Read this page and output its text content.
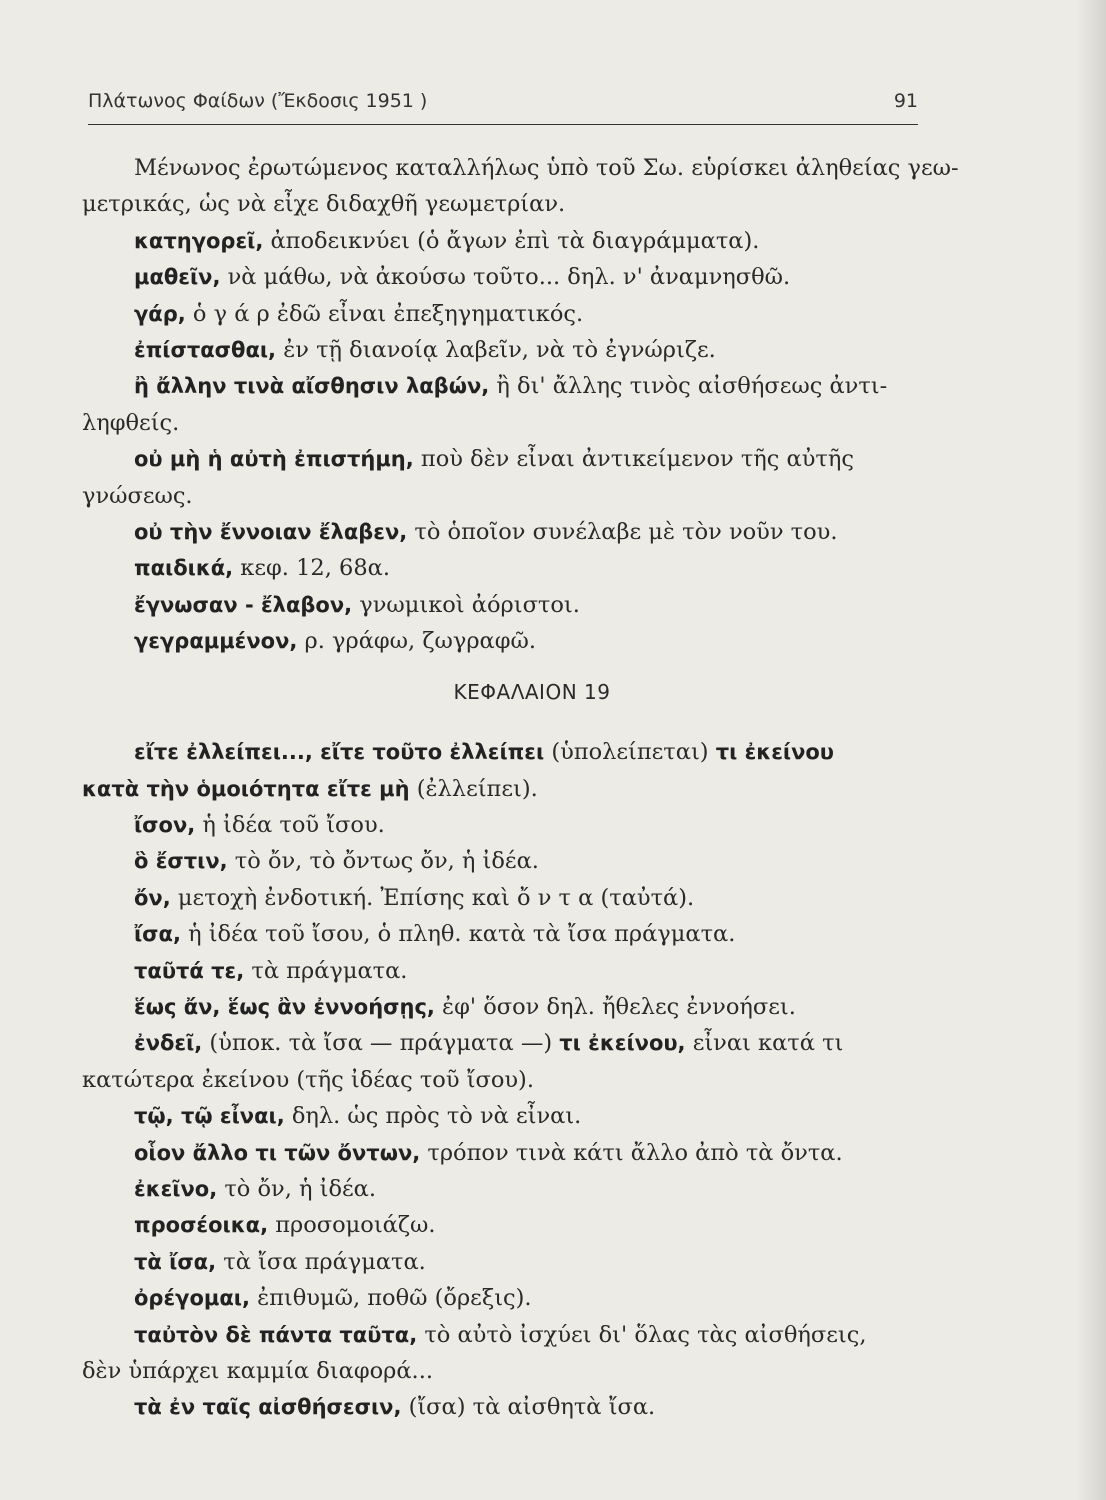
Πλάτωνος Φαίδων (Ἔκδοσις 1951 )	91
Μένωνος ἐρωτώμενος καταλλήλως ὑπὸ τοῦ Σω. εὑρίσκει ἀληθείας γεω-
μετρικάς, ὡς νὰ εἶχε διδαχθῆ γεωμετρίαν.
κατηγορεῖ, ἀποδεικνύει (ὁ ἄγων ἐπὶ τὰ διαγράμματα).
μαθεῖν, νὰ μάθω, νὰ ἀκούσω τοῦτο... δηλ. ν' ἀναμνησθῶ.
γάρ, ὁ γ ά ρ ἐδῶ εἶναι ἐπεξηγηματικός.
ἐπίστασθαι, ἐν τῇ διανοίᾳ λαβεῖν, νὰ τὸ ἐγνώριζε.
ἢ ἄλλην τινὰ αἴσθησιν λαβών, ἢ δι' ἄλλης τινὸς αἰσθήσεως ἀντι-
ληφθείς.
οὐ μὴ ἡ αὐτὴ ἐπιστήμη, ποὺ δὲν εἶναι ἀντικείμενον τῆς αὐτῆς
γνώσεως.
οὐ τὴν ἔννοιαν ἔλαβεν, τὸ ὁποῖον συνέλαβε μὲ τὸν νοῦν του.
παιδικά, κεφ. 12, 68α.
ἔγνωσαν - ἔλαβον, γνωμικοὶ ἀόριστοι.
γεγραμμένον, ρ. γράφω, ζωγραφῶ.
ΚΕΦΑΛΑΙΟΝ 19
εἴτε ἐλλείπει..., εἴτε τοῦτο ἐλλείπει (ὑπολείπεται) τι ἐκείνου
κατὰ τὴν ὁμοιότητα εἴτε μὴ (ἐλλείπει).
ἴσον, ἡ ἰδέα τοῦ ἴσου.
ὃ ἔστιν, τὸ ὄν, τὸ ὄντως ὄν, ἡ ἰδέα.
ὄν, μετοχὴ ἐνδοτική. Ἐπίσης καὶ ὄ ν τ α (ταὐτά).
ἴσα, ἡ ἰδέα τοῦ ἴσου, ὁ πληθ. κατὰ τὰ ἴσα πράγματα.
ταῦτά τε, τὰ πράγματα.
ἕως ἄν, ἕως ἂν ἐννοήσῃς, ἐφ' ὅσον δηλ. ἤθελες ἐννοήσει.
ἐνδεῖ, (ὑποκ. τὰ ἴσα — πράγματα —) τι ἐκείνου, εἶναι κατά τι
κατώτερα ἐκείνου (τῆς ἰδέας τοῦ ἴσου).
τῷ, τῷ εἶναι, δηλ. ὡς πρὸς τὸ νὰ εἶναι.
οἷον ἄλλο τι τῶν ὄντων, τρόπον τινὰ κάτι ἄλλο ἀπὸ τὰ ὄντα.
ἐκεῖνο, τὸ ὄν, ἡ ἰδέα.
προσέοικα, προσομοιάζω.
τὰ ἴσα, τὰ ἴσα πράγματα.
ὀρέγομαι, ἐπιθυμῶ, ποθῶ (ὄρεξις).
ταὐτὸν δὲ πάντα ταῦτα, τὸ αὐτὸ ἰσχύει δι' ὅλας τὰς αἰσθήσεις,
δὲν ὑπάρχει καμμία διαφορά...
τὰ ἐν ταῖς αἰσθήσεσιν, (ἴσα) τὰ αἰσθητὰ ἴσα.
